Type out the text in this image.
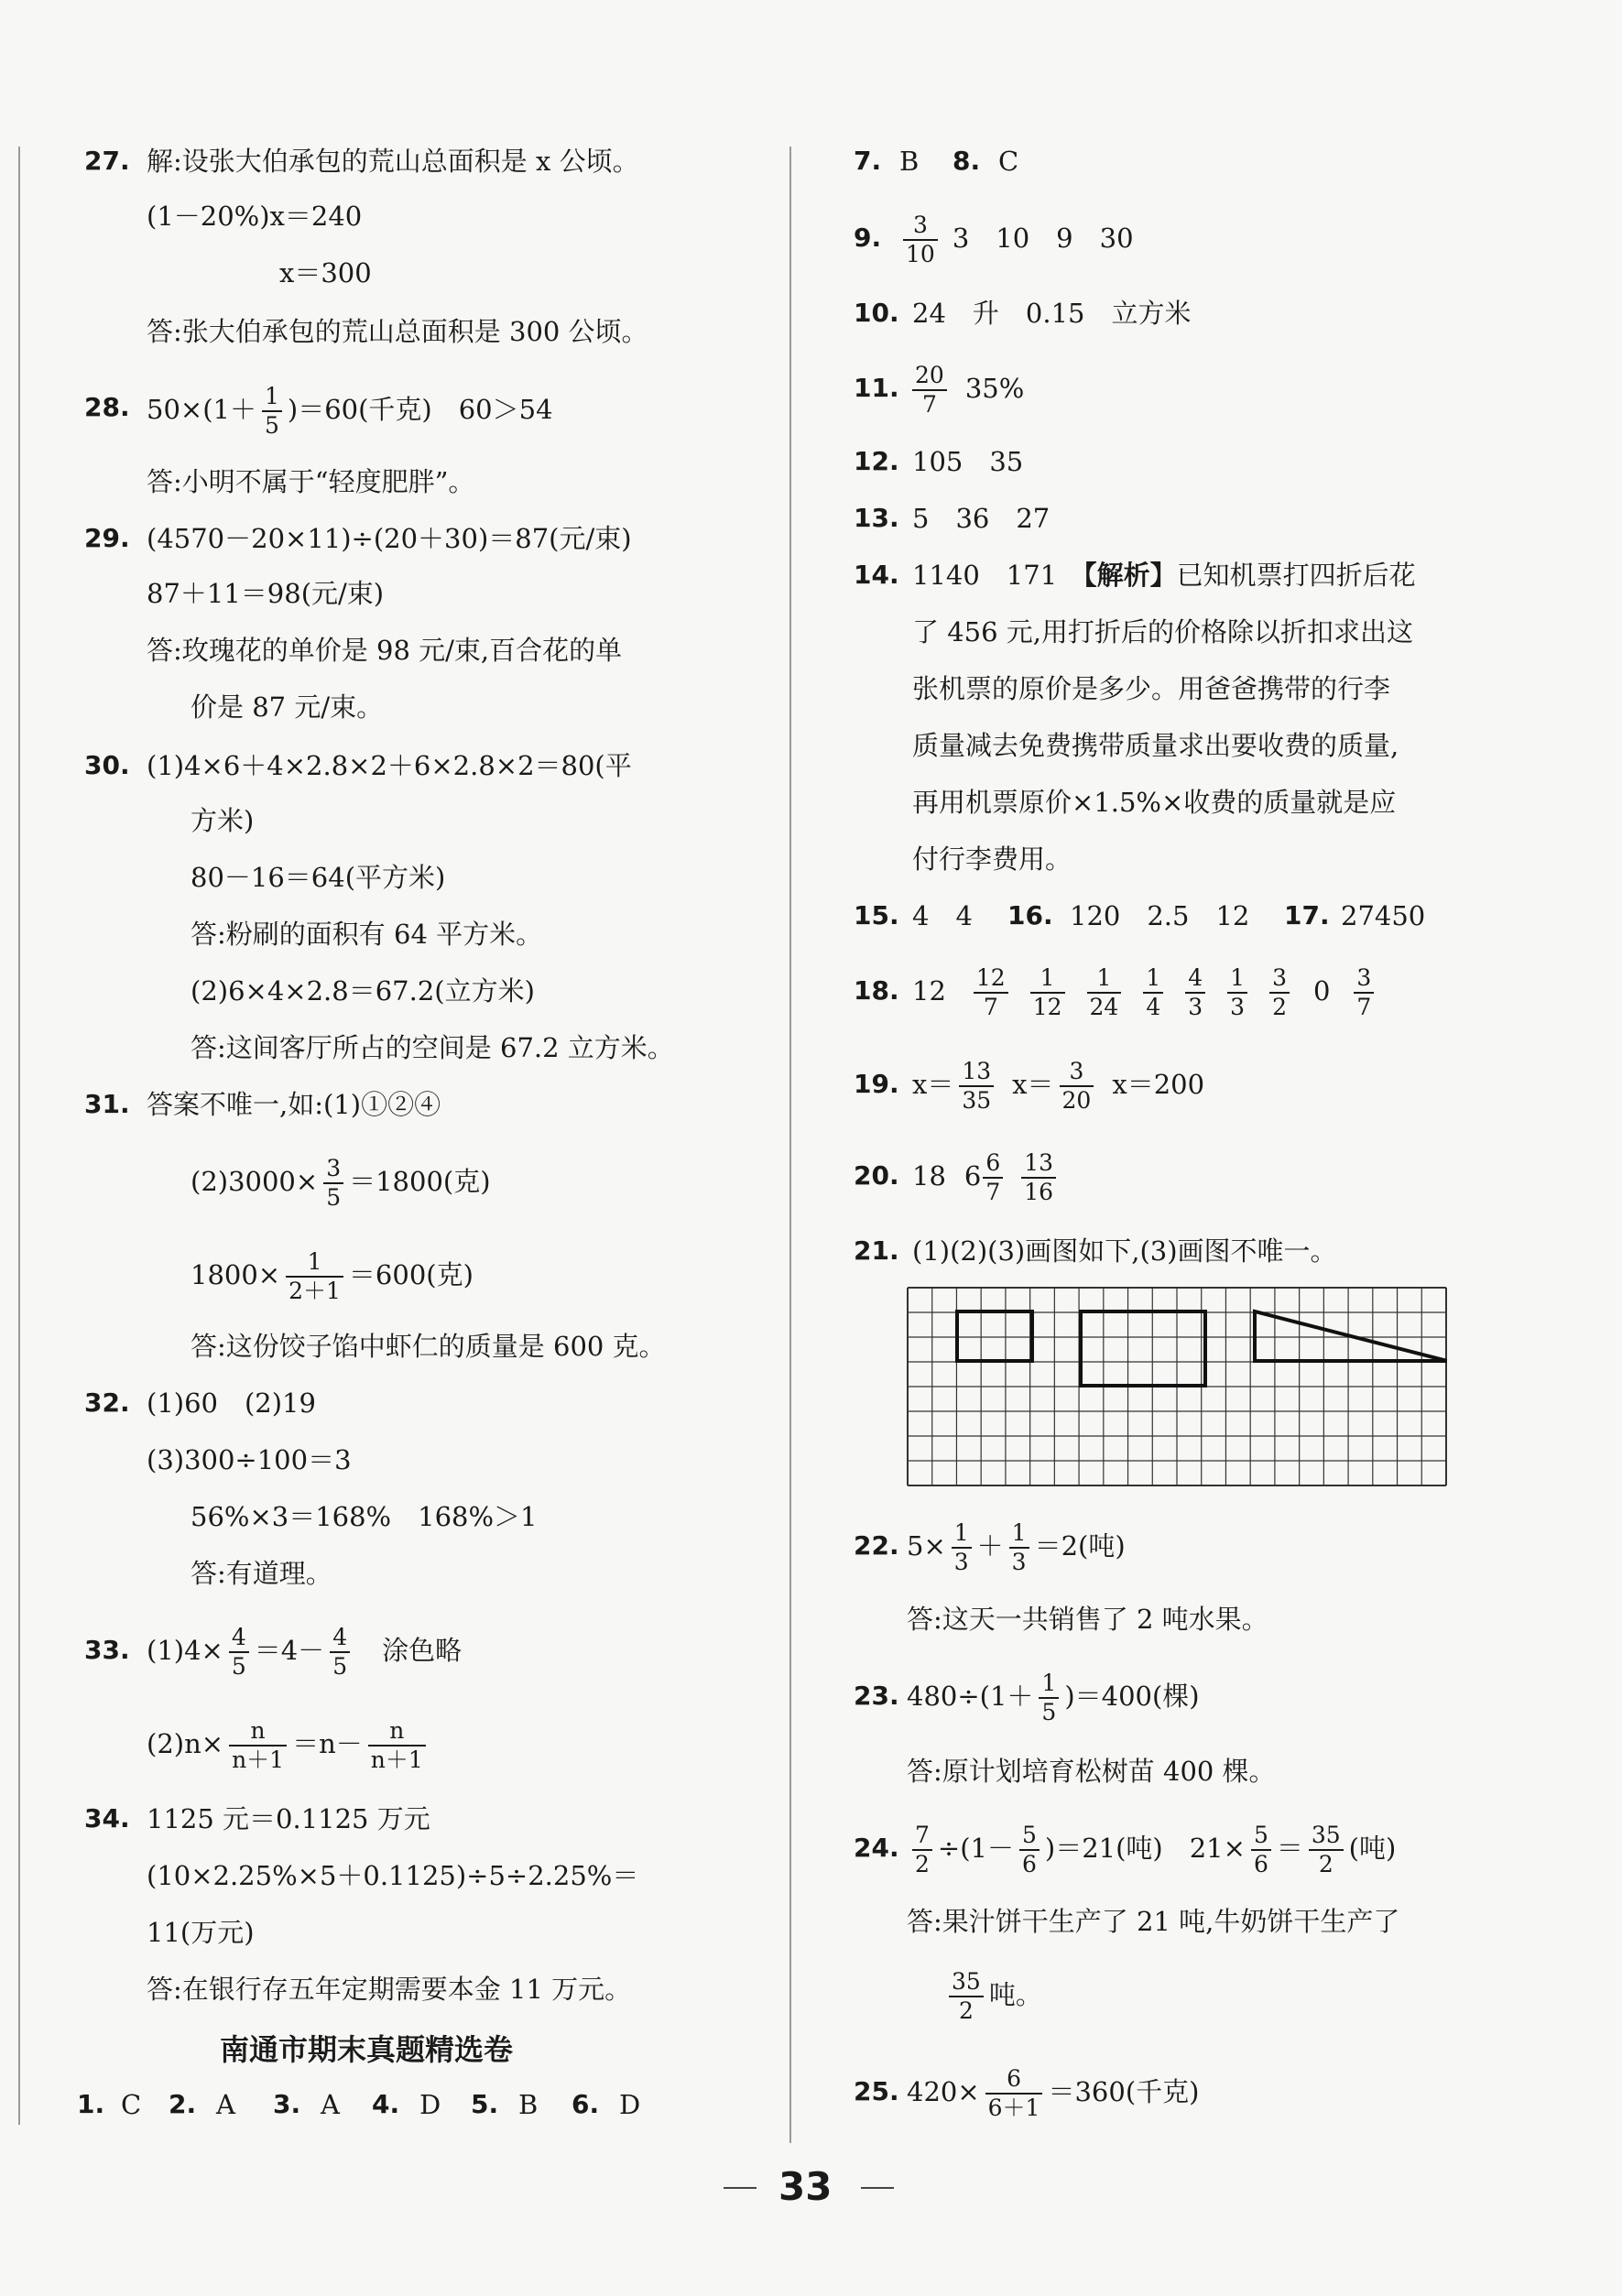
27. 解:设张大伯承包的荒山总面积是 x 公顷。
(1－20%)x＝240
x＝300
答:张大伯承包的荒山总面积是 300 公顷。
28. $50\times(1+ \frac{1}{5} )=60$(千克)　60＞54
答:小明不属于“轻度肥胖”。
29. (4570－20×11)÷(20＋30)＝87(元/束)
87＋11＝98(元/束)
答:玫瑰花的单价是 98 元/束,百合花的单
价是 87 元/束。
30. (1)4×6＋4×2.8×2＋6×2.8×2＝80(平
方米)
80－16＝64(平方米)
答:粉刷的面积有 64 平方米。
(2)6×4×2.8＝67.2(立方米)
答:这间客厅所占的空间是 67.2 立方米。
31. 答案不唯一,如:(1)①②④
$(2)3000\times \frac{3}{5} =1800$(克)
$1800\times \frac{1}{2+1} =600$(克)
答:这份饺子馅中虾仁的质量是 600 克。
32. (1)60　(2)19
(3)300÷100＝3
56%×3＝168%　168%＞1
答:有道理。
33. $(1)4\times \frac{4}{5} =4- \frac{4}{5}$ 　涂色略
$(2)n\times \frac{n}{n+1} =n- \frac{n}{n+1}$
34. 1125 元＝0.1125 万元
(10×2.25%×5＋0.1125)÷5÷2.25%＝
11(万元)
答:在银行存五年定期需要本金 11 万元。
南通市期末真题精选卷
1. C 2. A 3. A 4. D 5. B 6. D
7. B 8. C
9. $\frac{3}{10} 3$　10　9　30
10. 24　升　0.15　立方米
11. $\frac{20}{7} 35\%$
12. 105　35
13. 5　36　27
14. 1140　171　【解析】已知机票打四折后花
了 456 元,用打折后的价格除以折扣求出这
张机票的原价是多少。用爸爸携带的行李
质量减去免费携带质量求出要收费的质量,
再用机票原价×1.5%×收费的质量就是应
付行李费用。
15. 4　4 16. 120　2.5　12 17. 27450
18. $12 \frac{12}{7} \frac{1}{12} \frac{1}{24} \frac{1}{4} \frac{4}{3} \frac{1}{3} \frac{3}{2} 0 \frac{3}{7}$
19. $x= \frac{13}{35} x= \frac{3}{20} x=200$
20. 18 $6 \frac{6}{7} \frac{13}{16}$
21. (1)(2)(3)画图如下,(3)画图不唯一。
22. $5\times \frac{1}{3} + \frac{1}{3} =2$(吨)
答:这天一共销售了 2 吨水果。
23. $480\div(1+ \frac{1}{5} )=400$(棵)
答:原计划培育松树苗 400 棵。
24. $\frac{7}{2} \div(1- \frac{5}{6} )=21$(吨)　$21\times \frac{5}{6} = \frac{35}{2}$ (吨)
答:果汁饼干生产了 21 吨,牛奶饼干生产了
$\frac{35}{2}$ 吨。
25. $420\times \frac{6}{6+1} =360$(千克)
33
